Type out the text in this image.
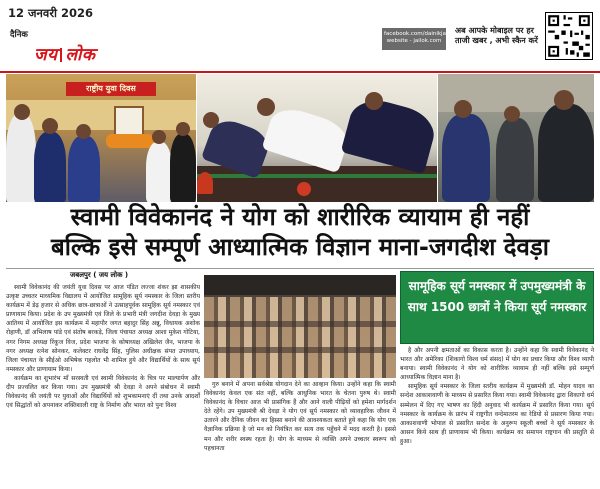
12 जनवरी 2026
दैनिक
जय लोक
facebook.com/dainikjailok website - jailok.com
अब आपके मोबाइल पर हर ताजी खबर , अभी स्कैन करें
राष्ट्रीय युवा दिवस
स्वामी विवेकानंद ने योग को शारीरिक व्यायाम ही नहीं
बल्कि इसे सम्पूर्ण आध्यात्मिक विज्ञान माना-जगदीश देवड़ा
जबलपुर ( जय लोक )

स्वामी विवेकानंद की जयंती युवा दिवस पर आज पंडित लज्जा शंकर झा शासकीय उत्कृष्ट उच्चतर माध्यमिक विद्यालय में आयोजित सामूहिक सूर्य नमस्कार के जिला स्तरीय कार्यक्रम में डेढ़ हजार से अधिक छात्र-छात्राओं ने उत्साहपूर्वक सामूहिक सूर्य नमस्कार एवं प्राणायाम किया। प्रदेश के उप मुख्यमंत्री एवं जिले के प्रभारी मंत्री जगदीश देवड़ा के मुख्य आतिथ्य में आयोजित इस कार्यक्रम में महापौर जगत बहादुर सिंह अन्नू, विधायक अशोक रोहाणी, डॉ अभिलाष पांडे एवं संतोष बरकड़े, जिला पंचायत अध्यक्ष आशा मुकेश गोटिया, नगर निगम अध्यक्ष रिंकूज विज, प्रदेश भाजपा के कोषाध्यक्ष अखिलेश जैन, भाजपा के नगर अध्यक्ष रत्नेश सोनकर, कलेक्टर राघवेंद्र सिंह, पुलिस अधीक्षक संपत उपाध्याय, जिला पंचायत के सीईओ अभिषेक गहलोत भी शामिल हुये और विद्यार्थियों के साथ सूर्य नमस्कार और प्राणायाम किया।

कार्यक्रम का शुभारंभ माँ सरस्वती एवं स्वामी विवेकानंद के चित्र पर माल्यार्पण और दीप प्रज्वलित कर किया गया। उप मुख्यमंत्री श्री देवड़ा ने अपने संबोधन में स्वामी विवेकानंद की जयंती पर युवाओं और विद्यार्थियों को शुभकामनाएं दीं तथा उनके आदर्शों एवं सिद्धांतों को अपनाकर शक्तिशाली राष्ट्र के निर्माण और भारत को पुनः विश्व

गुरु बनाने में अपना सर्वश्रेष्ठ योगदान देने का आव्हान किया। उन्होंने कहा कि स्वामी विवेकानंद केवल एक संत नहीं, बल्कि आधुनिक भारत के चेतना पुरुष थे। स्वामी विवेकानंद के विचार आज भी प्रासंगिक हैं और आने वाली पीढ़ियों को हमेशा मार्गदर्शन देते रहेंगे। उप मुख्यमंत्री श्री देवड़ा ने योग एवं सूर्य नमस्कार को व्यावहारिक जीवन में उतारने और दैनिक जीवन का हिस्सा बनाने की आवश्यकता बताते हुये कहा कि योग एक वैज्ञानिक प्रक्रिया है जो मन को नियंत्रित कर सत्य तक पहुँचने में मदद करती है। इससे मन और शरीर स्वस्थ रहता है। योग के माध्यम से व्यक्ति अपने उच्चतर स्वरूप को पहचानता

सामूहिक सूर्य नमस्कार में उपमुख्यमंत्री के साथ 1500 छात्रों ने किया सूर्य नमस्कार

है और अपनी क्षमताओं का विकास करता है। उन्होंने कहा कि स्वामी विवेकानंद ने भारत और अमेरिका (शिकागो विश्व धर्म संसद) में योग का प्रचार किया और विश्व व्यापी बनाया। स्वामी विवेकानंद ने योग को शारीरिक व्यायाम ही नहीं बल्कि इसे सम्पूर्ण आध्यात्मिक विज्ञान माना है।

सामूहिक सूर्य नमस्कार के जिला स्तरीय कार्यक्रम में मुख्यमंत्री डॉ. मोहन यादव का सन्देश आकाशवाणी के माध्यम से प्रसारित किया गया। स्वामी विवेकानंद द्वारा शिकागो धर्म सम्मेलन में दिए गए भाषण का हिंदी अनुवाद भी कार्यक्रम में प्रसारित किया गया। सूर्य नमस्कार के कार्यक्रम के प्रारंभ में राष्ट्रगीत वन्देमातरम का रेडियो से प्रसारण किया गया। आकाशवाणी भोपाल से प्रसारित सन्देश के अनुरूप स्कूली बच्चों ने सूर्य नमस्कार के आसन किये साथ ही प्राणायाम भी किया। कार्यक्रम का समापन राष्ट्रगान की प्रस्तुति से हुआ।
